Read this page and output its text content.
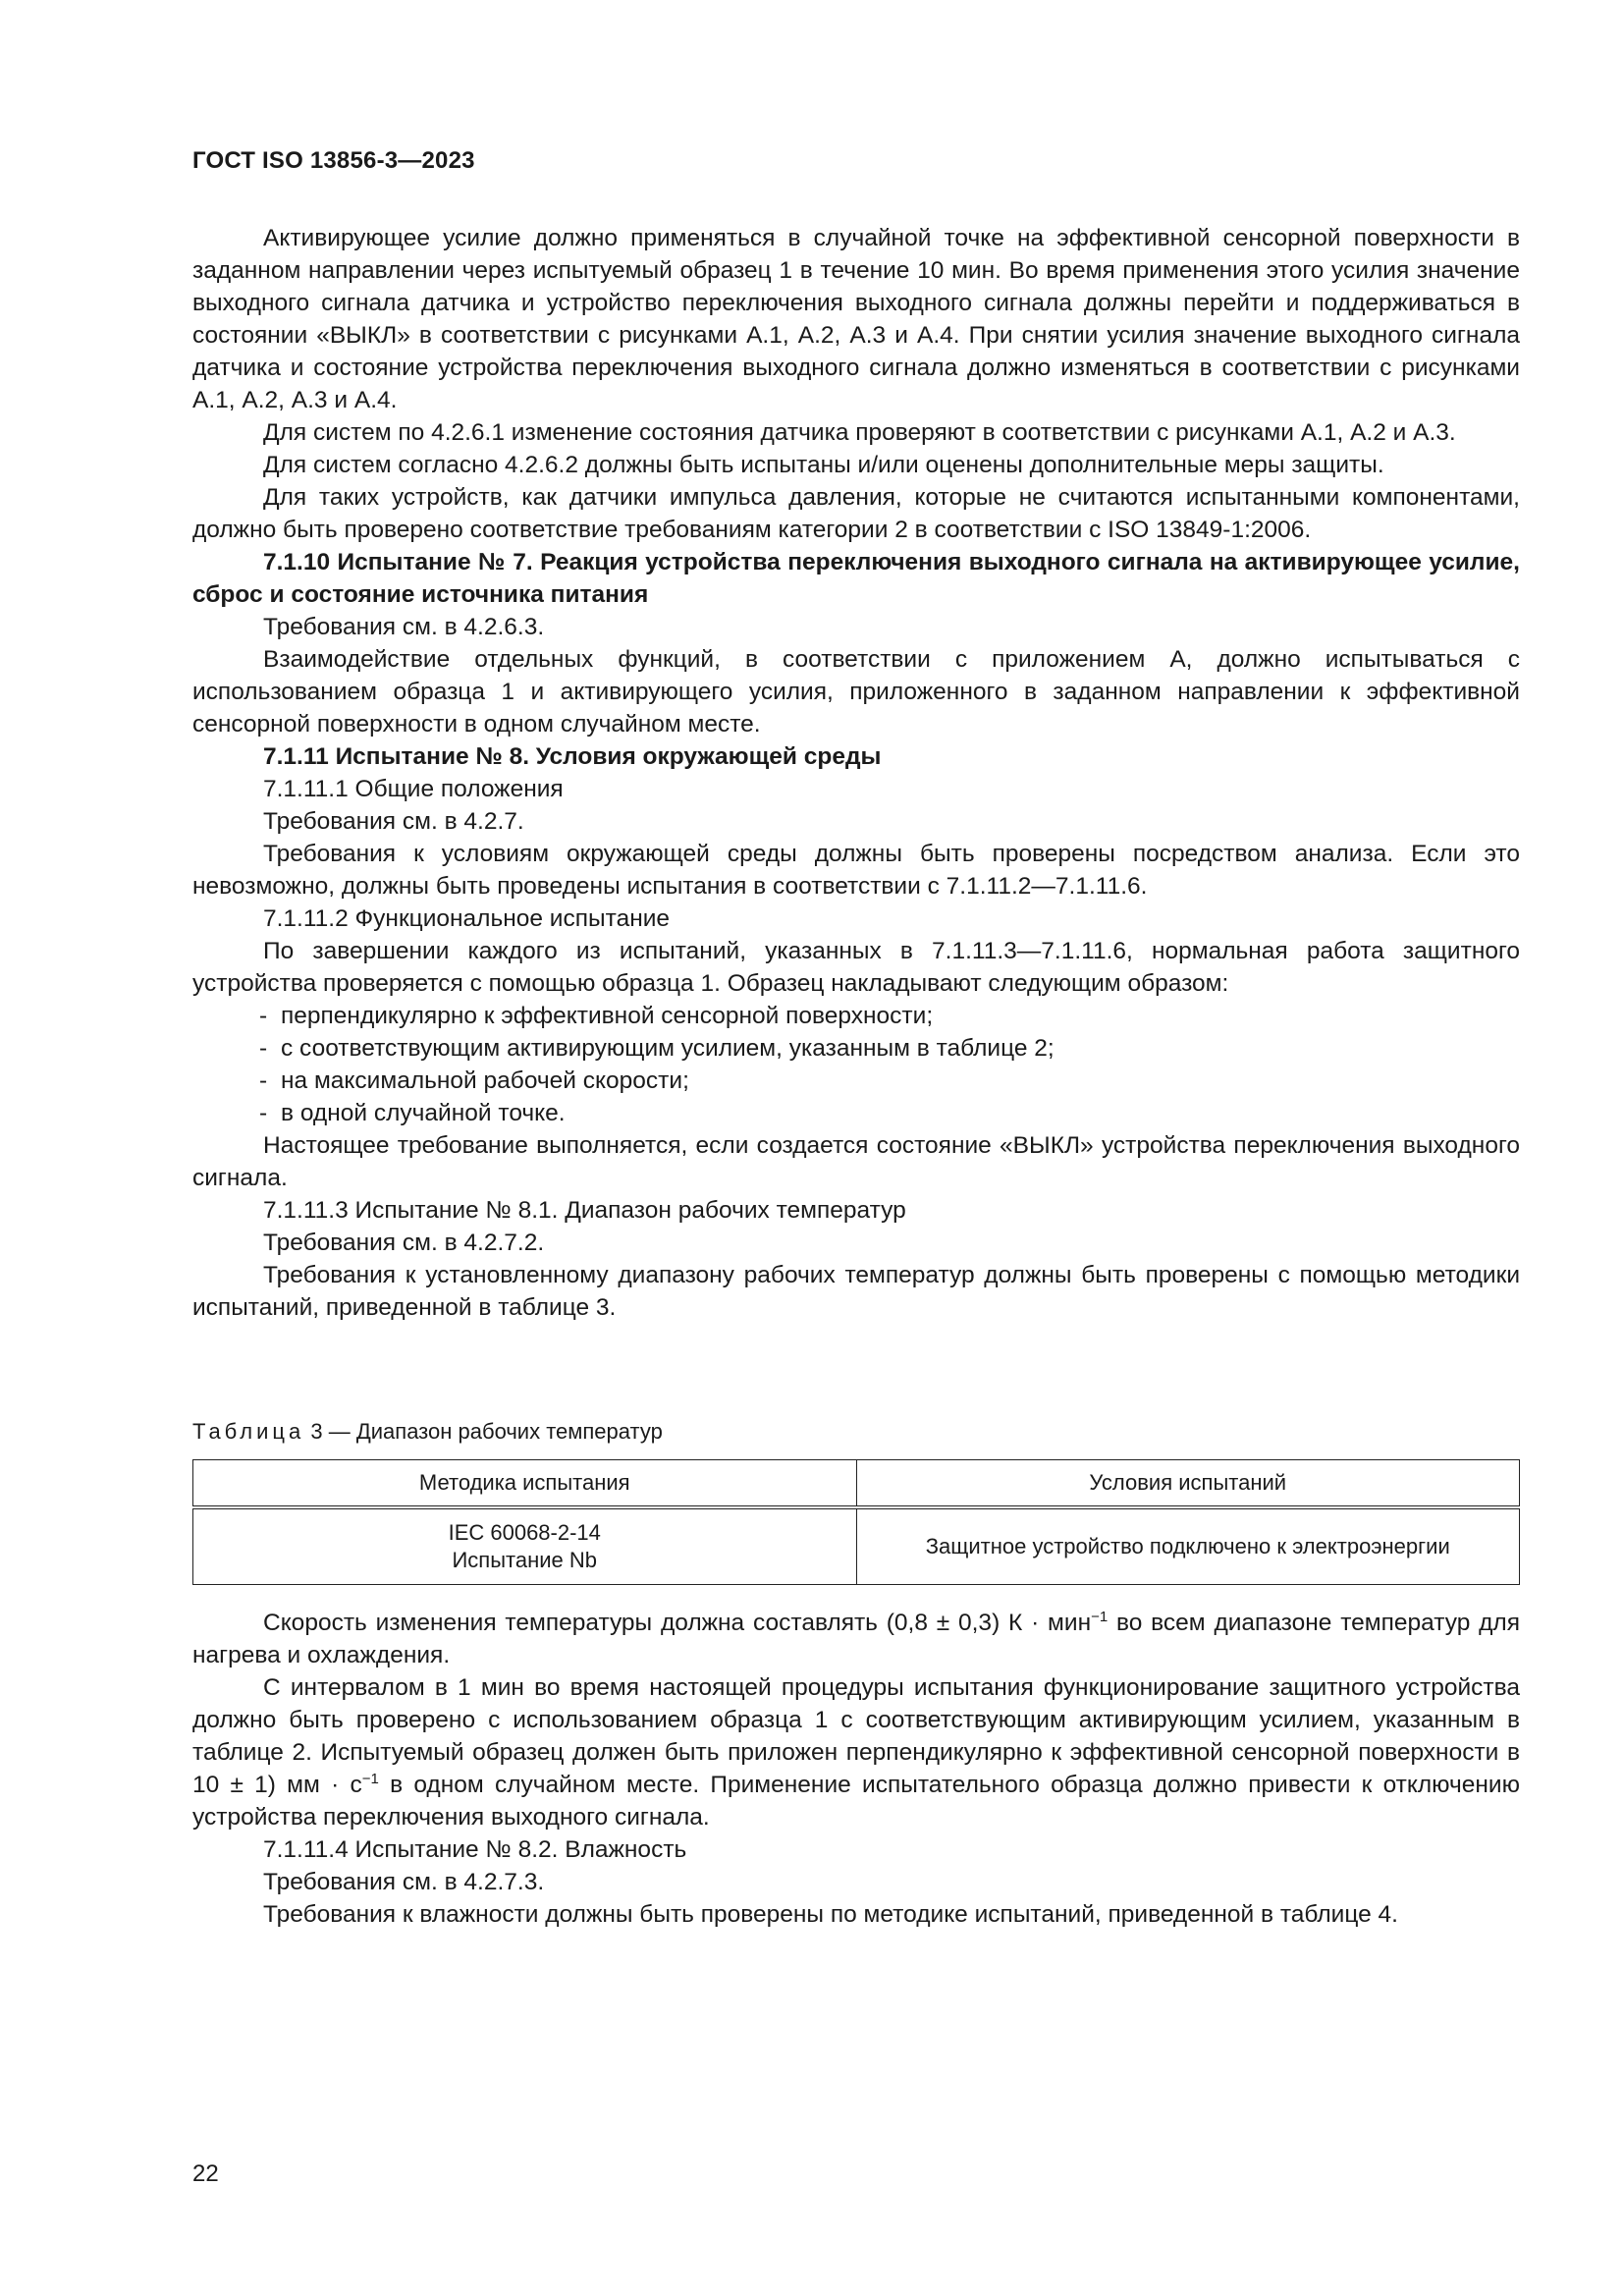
ГОСТ ISO 13856-3—2023

Активирующее усилие должно применяться в случайной точке на эффективной сенсорной поверхности в заданном направлении через испытуемый образец 1 в течение 10 мин. Во время применения этого усилия значение выходного сигнала датчика и устройство переключения выходного сигнала должны перейти и поддерживаться в состоянии «ВЫКЛ» в соответствии с рисунками А.1, А.2, А.3 и А.4. При снятии усилия значение выходного сигнала датчика и состояние устройства переключения выходного сигнала должно изменяться в соответствии с рисунками А.1, А.2, А.3 и А.4.

Для систем по 4.2.6.1 изменение состояния датчика проверяют в соответствии с рисунками А.1, А.2 и А.3.

Для систем согласно 4.2.6.2 должны быть испытаны и/или оценены дополнительные меры защиты.

Для таких устройств, как датчики импульса давления, которые не считаются испытанными компонентами, должно быть проверено соответствие требованиям категории 2 в соответствии с ISO 13849-1:2006.

7.1.10 Испытание № 7. Реакция устройства переключения выходного сигнала на активирующее усилие, сброс и состояние источника питания

Требования см. в 4.2.6.3.

Взаимодействие отдельных функций, в соответствии с приложением А, должно испытываться с использованием образца 1 и активирующего усилия, приложенного в заданном направлении к эффективной сенсорной поверхности в одном случайном месте.

7.1.11 Испытание № 8. Условия окружающей среды

7.1.11.1 Общие положения

Требования см. в 4.2.7.

Требования к условиям окружающей среды должны быть проверены посредством анализа. Если это невозможно, должны быть проведены испытания в соответствии с 7.1.11.2—7.1.11.6.

7.1.11.2 Функциональное испытание

По завершении каждого из испытаний, указанных в 7.1.11.3—7.1.11.6, нормальная работа защитного устройства проверяется с помощью образца 1. Образец накладывают следующим образом:

- перпендикулярно к эффективной сенсорной поверхности;

- с соответствующим активирующим усилием, указанным в таблице 2;

- на максимальной рабочей скорости;

- в одной случайной точке.

Настоящее требование выполняется, если создается состояние «ВЫКЛ» устройства переключения выходного сигнала.

7.1.11.3 Испытание № 8.1. Диапазон рабочих температур

Требования см. в 4.2.7.2.

Требования к установленному диапазону рабочих температур должны быть проверены с помощью методики испытаний, приведенной в таблице 3.

Таблица 3 — Диапазон рабочих температур
Методика испытания	Условия испытаний

IEC 60068-2-14
Испытание Nb	Защитное устройство подключено к электроэнергии

Скорость изменения температуры должна составлять (0,8 ± 0,3) К · мин$^{-1}$ во всем диапазоне температур для нагрева и охлаждения.

С интервалом в 1 мин во время настоящей процедуры испытания функционирование защитного устройства должно быть проверено с использованием образца 1 с соответствующим активирующим усилием, указанным в таблице 2. Испытуемый образец должен быть приложен перпендикулярно к эффективной сенсорной поверхности в 10 ± 1) мм · $с^{-1}$ в одном случайном месте. Применение испытательного образца должно привести к отключению устройства переключения выходного сигнала.

7.1.11.4 Испытание № 8.2. Влажность

Требования см. в 4.2.7.3.

Требования к влажности должны быть проверены по методике испытаний, приведенной в таблице 4.

22
